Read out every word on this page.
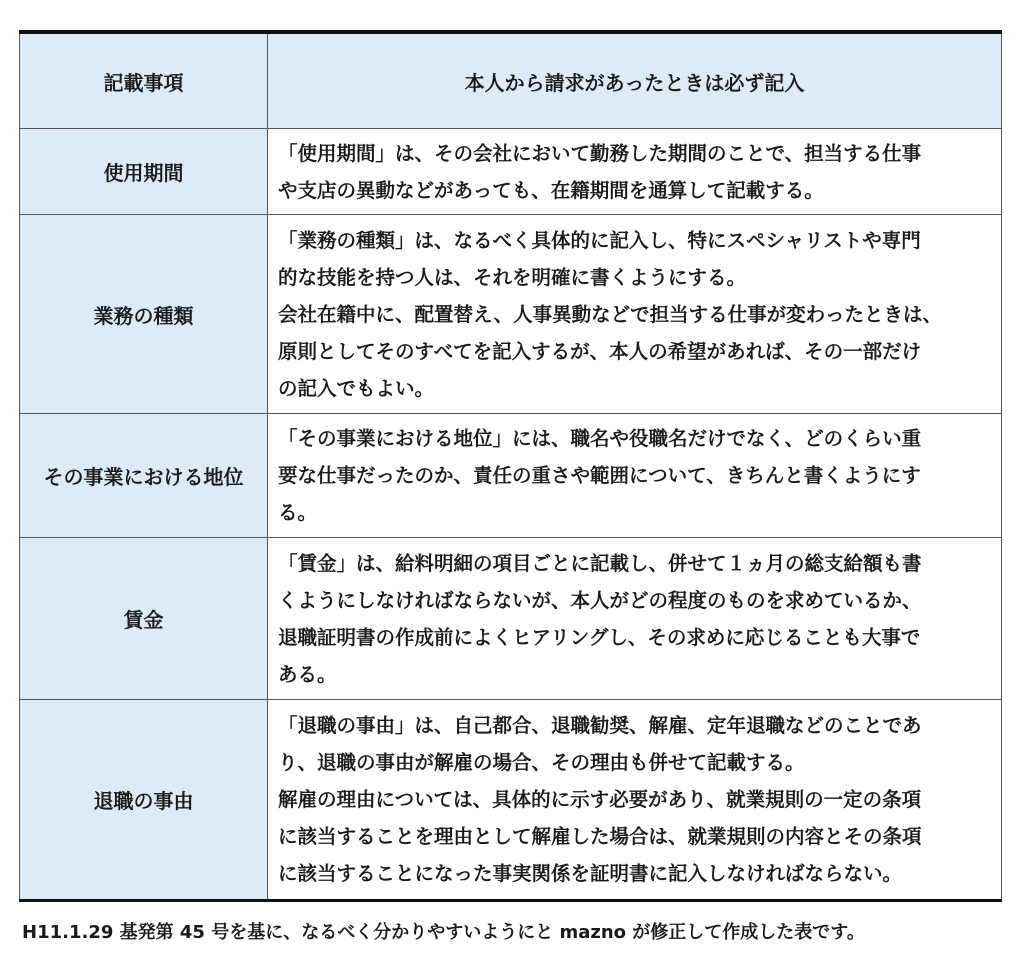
記載事項	本人から請求があったときは必ず記入
使用期間	「使用期間」は、その会社において勤務した期間のことで、担当する仕事
や支店の異動などがあっても、在籍期間を通算して記載する。

業務の種類	「業務の種類」は、なるべく具体的に記入し、特にスペシャリストや専門
的な技能を持つ人は、それを明確に書くようにする。
会社在籍中に、配置替え、人事異動などで担当する仕事が変わったときは、
原則としてそのすべてを記入するが、本人の希望があれば、その一部だけ
の記入でもよい。

その事業における地位	「その事業における地位」には、職名や役職名だけでなく、どのくらい重
要な仕事だったのか、責任の重さや範囲について、きちんと書くようにす
る。

賃金	「賃金」は、給料明細の項目ごとに記載し、併せて１ヵ月の総支給額も書
くようにしなければならないが、本人がどの程度のものを求めているか、
退職証明書の作成前によくヒアリングし、その求めに応じることも大事で
ある。

退職の事由	「退職の事由」は、自己都合、退職勧奨、解雇、定年退職などのことであ
り、退職の事由が解雇の場合、その理由も併せて記載する。
解雇の理由については、具体的に示す必要があり、就業規則の一定の条項
に該当することを理由として解雇した場合は、就業規則の内容とその条項
に該当することになった事実関係を証明書に記入しなければならない。
H11.1.29 基発第 45 号を基に、なるべく分かりやすいようにと mazno が修正して作成した表です。
